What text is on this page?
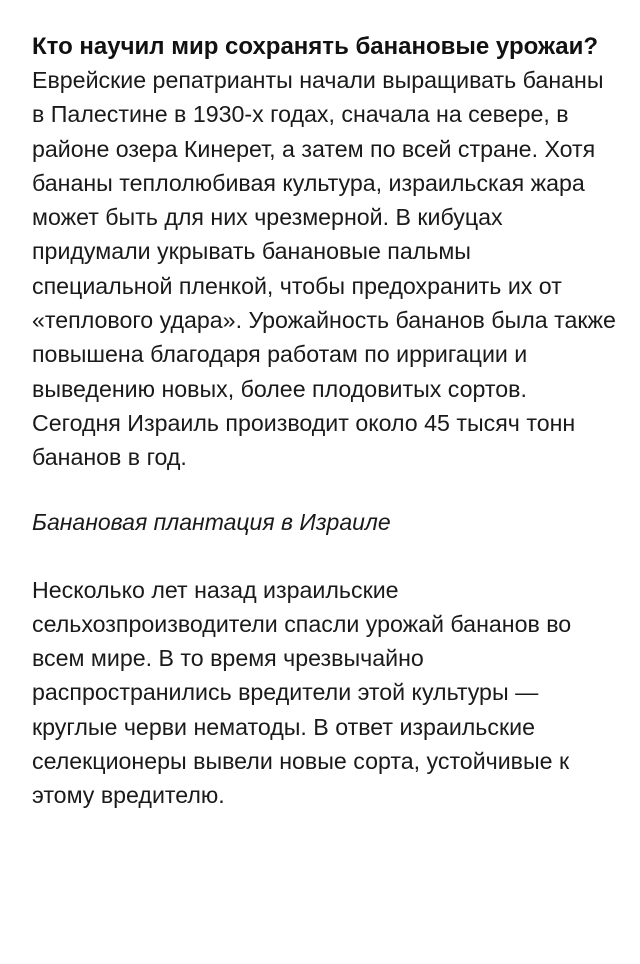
Кто научил мир сохранять банановые урожаи?

Еврейские репатрианты начали выращивать бананы в Палестине в 1930-х годах, сначала на севере, в районе озера Кинерет, а затем по всей стране. Хотя бананы теплолюбивая культура, израильская жара может быть для них чрезмерной. В кибуцах придумали укрывать банановые пальмы специальной пленкой, чтобы предохранить их от «теплового удара». Урожайность бананов была также повышена благодаря работам по ирригации и выведению новых, более плодовитых сортов. Сегодня Израиль производит около 45 тысяч тонн бананов в год.

Банановая плантация в Израиле

Несколько лет назад израильские сельхозпроизводители спасли урожай бананов во всем мире. В то время чрезвычайно распространились вредители этой культуры — круглые черви нематоды. В ответ израильские селекционеры вывели новые сорта, устойчивые к этому вредителю.
